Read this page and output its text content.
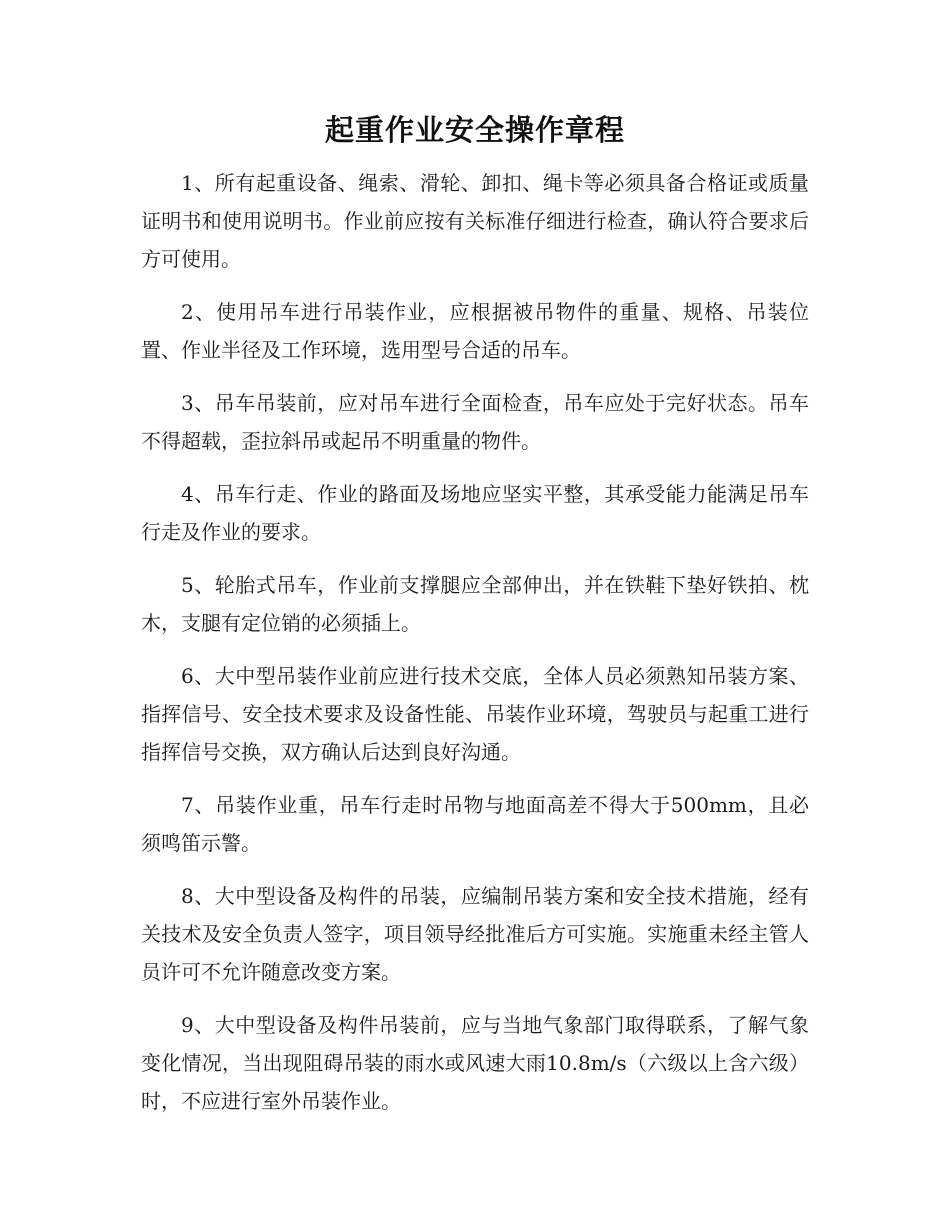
起重作业安全操作章程

1、所有起重设备、绳索、滑轮、卸扣、绳卡等必须具备合格证或质量证明书和使用说明书。作业前应按有关标准仔细进行检查，确认符合要求后方可使用。

2、使用吊车进行吊装作业，应根据被吊物件的重量、规格、吊装位置、作业半径及工作环境，选用型号合适的吊车。

3、吊车吊装前，应对吊车进行全面检查，吊车应处于完好状态。吊车不得超载，歪拉斜吊或起吊不明重量的物件。

4、吊车行走、作业的路面及场地应坚实平整，其承受能力能满足吊车行走及作业的要求。

5、轮胎式吊车，作业前支撑腿应全部伸出，并在铁鞋下垫好铁拍、枕木，支腿有定位销的必须插上。

6、大中型吊装作业前应进行技术交底，全体人员必须熟知吊装方案、指挥信号、安全技术要求及设备性能、吊装作业环境，驾驶员与起重工进行指挥信号交换，双方确认后达到良好沟通。

7、吊装作业重，吊车行走时吊物与地面高差不得大于500mm，且必须鸣笛示警。

8、大中型设备及构件的吊装，应编制吊装方案和安全技术措施，经有关技术及安全负责人签字，项目领导经批准后方可实施。实施重未经主管人员许可不允许随意改变方案。

9、大中型设备及构件吊装前，应与当地气象部门取得联系，了解气象变化情况，当出现阻碍吊装的雨水或风速大雨10.8m/s（六级以上含六级）时，不应进行室外吊装作业。
